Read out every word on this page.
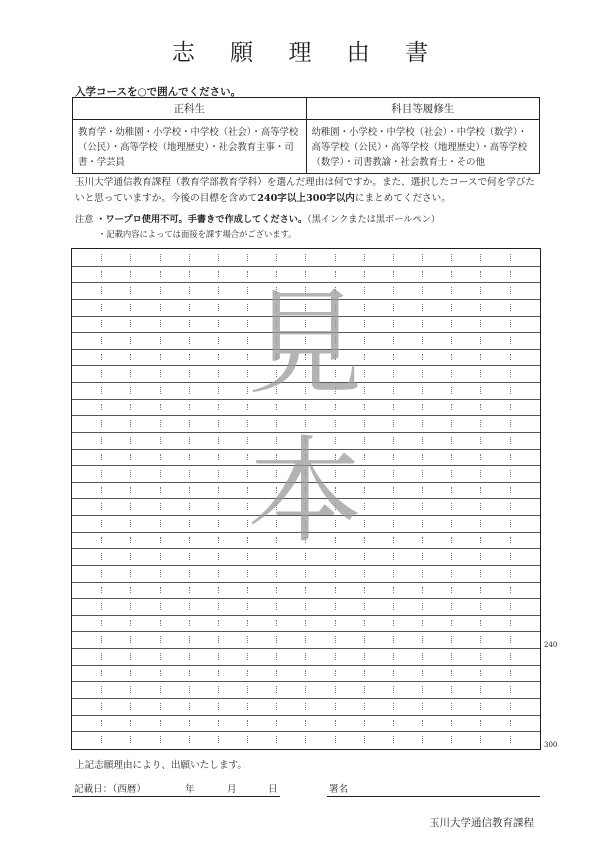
志 願 理 由 書
入学コースを○で囲んでください。
正科生	科目等履修生
教育学・幼稚園・小学校・中学校（社会）・高等学校（公民）・高等学校（地理歴史）・社会教育主事・司書・学芸員	幼稚園・小学校・中学校（社会）・中学校（数学）・高等学校（公民）・高等学校（地理歴史）・高等学校（数学）・司書教諭・社会教育士・その他
玉川大学通信教育課程（教育学部教育学科）を選んだ理由は何ですか。また、選択したコースで何を学びたいと思っていますか。今後の目標を含めて240字以上300字以内にまとめてください。
注意 ・ワープロ使用不可。手書きで作成してください。（黒インクまたは黒ボールペン）
・記載内容によっては面接を課す場合がございます。
240
300
見
本
上記志願理由により、出願いたします。
記載日：（西暦）	年	月	日	署名
玉川大学通信教育課程
